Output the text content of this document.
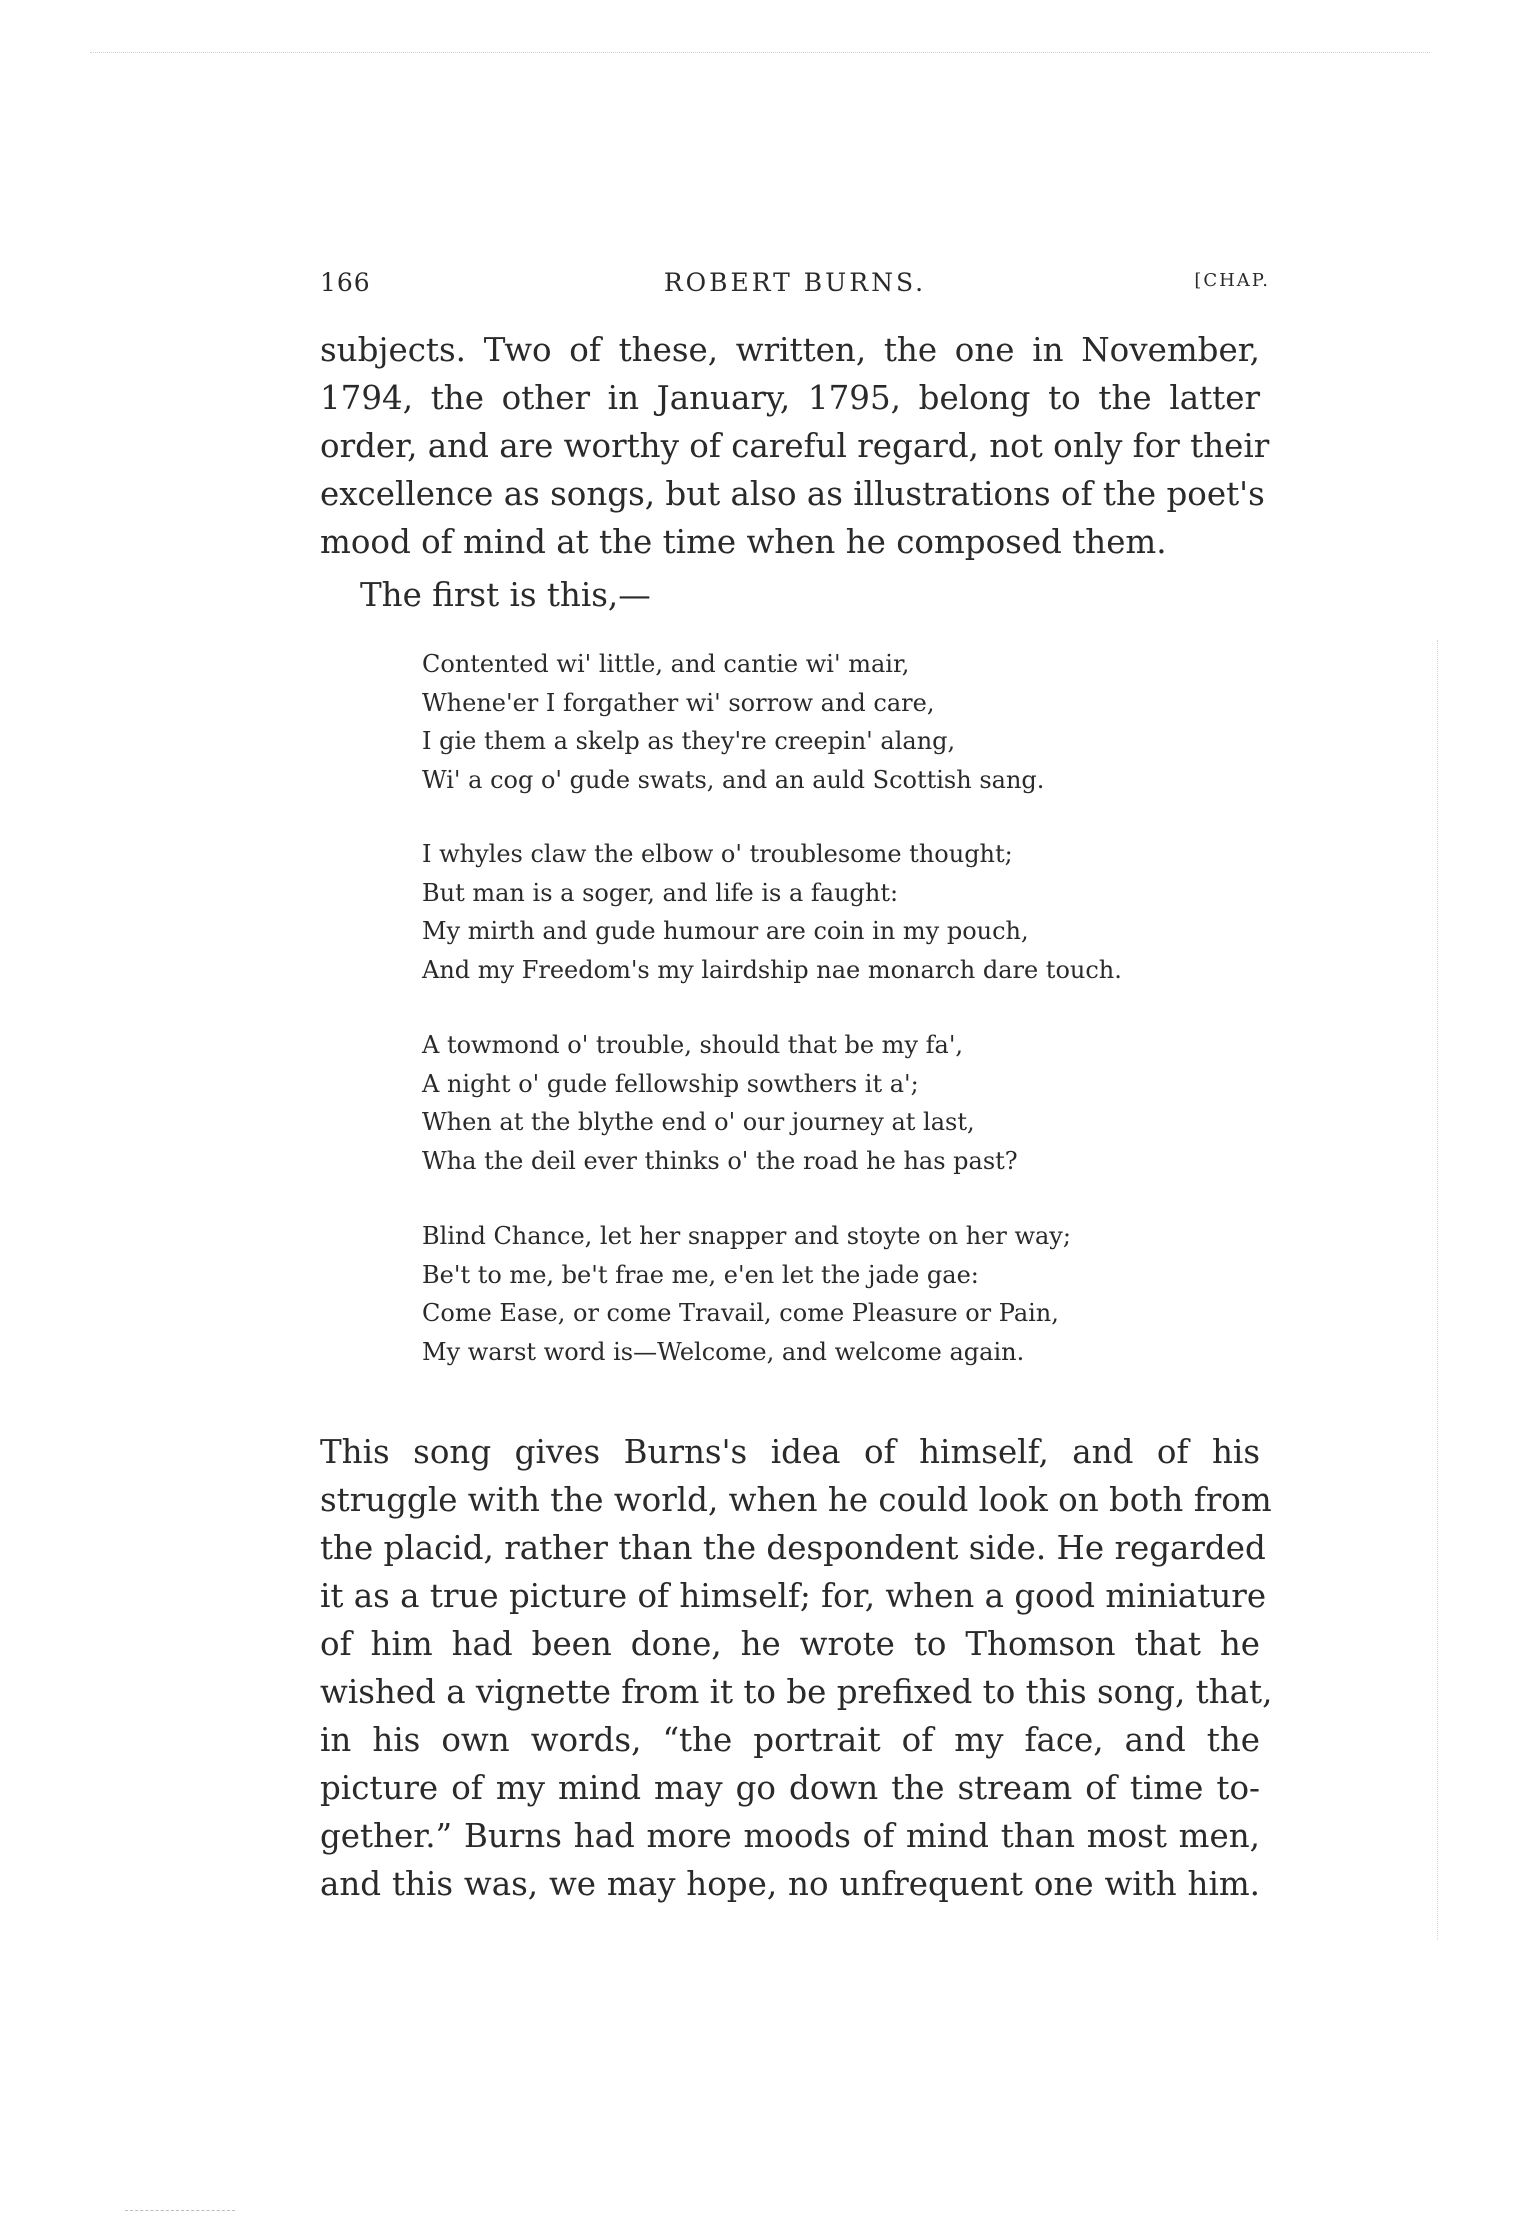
166	ROBERT BURNS.	[CHAP.
subjects. Two of these, written, the one in November,
1794, the other in January, 1795, belong to the latter
order, and are worthy of careful regard, not only for their
excellence as songs, but also as illustrations of the poet's
mood of mind at the time when he composed them.
The first is this,—
Contented wi' little, and cantie wi' mair,
Whene'er I forgather wi' sorrow and care,
I gie them a skelp as they're creepin' alang,
Wi' a cog o' gude swats, and an auld Scottish sang.
I whyles claw the elbow o' troublesome thought;
But man is a soger, and life is a faught:
My mirth and gude humour are coin in my pouch,
And my Freedom's my lairdship nae monarch dare touch.
A towmond o' trouble, should that be my fa',
A night o' gude fellowship sowthers it a';
When at the blythe end o' our journey at last,
Wha the deil ever thinks o' the road he has past?
Blind Chance, let her snapper and stoyte on her way;
Be't to me, be't frae me, e'en let the jade gae:
Come Ease, or come Travail, come Pleasure or Pain,
My warst word is—Welcome, and welcome again.
This song gives Burns's idea of himself, and of his
struggle with the world, when he could look on both from
the placid, rather than the despondent side. He regarded
it as a true picture of himself; for, when a good miniature
of him had been done, he wrote to Thomson that he
wished a vignette from it to be prefixed to this song, that,
in his own words, “the portrait of my face, and the
picture of my mind may go down the stream of time to-
gether.” Burns had more moods of mind than most men,
and this was, we may hope, no unfrequent one with him.
